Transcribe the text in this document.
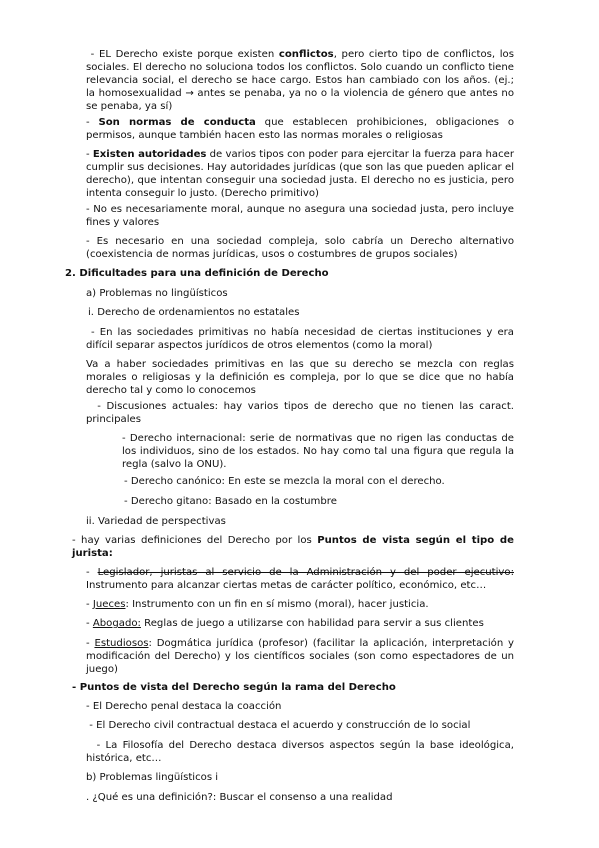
- EL Derecho existe porque existen conflictos, pero cierto tipo de conflictos, los sociales. El derecho no soluciona todos los conflictos. Solo cuando un conflicto tiene relevancia social, el derecho se hace cargo. Estos han cambiado con los años. (ej.; la homosexualidad → antes se penaba, ya no o la violencia de género que antes no se penaba, ya sí)

- Son normas de conducta que establecen prohibiciones, obligaciones o permisos, aunque también hacen esto las normas morales o religiosas

- Existen autoridades de varios tipos con poder para ejercitar la fuerza para hacer cumplir sus decisiones. Hay autoridades jurídicas (que son las que pueden aplicar el derecho), que intentan conseguir una sociedad justa. El derecho no es justicia, pero intenta conseguir lo justo. (Derecho primitivo)

- No es necesariamente moral, aunque no asegura una sociedad justa, pero incluye fines y valores

- Es necesario en una sociedad compleja, solo cabría un Derecho alternativo (coexistencia de normas jurídicas, usos o costumbres de grupos sociales)

2. Dificultades para una definición de Derecho

a) Problemas no lingüísticos

i. Derecho de ordenamientos no estatales

- En las sociedades primitivas no había necesidad de ciertas instituciones y era difícil separar aspectos jurídicos de otros elementos (como la moral)

Va a haber sociedades primitivas en las que su derecho se mezcla con reglas morales o religiosas y la definición es compleja, por lo que se dice que no había derecho tal y como lo conocemos

- Discusiones actuales: hay varios tipos de derecho que no tienen las caract. principales

- Derecho internacional: serie de normativas que no rigen las conductas de los individuos, sino de los estados. No hay como tal una figura que regula la regla (salvo la ONU).

- Derecho canónico: En este se mezcla la moral con el derecho.

- Derecho gitano: Basado en la costumbre

ii. Variedad de perspectivas

- hay varias definiciones del Derecho por los Puntos de vista según el tipo de jurista:

- Legislador, juristas al servicio de la Administración y del poder ejecutivo: Instrumento para alcanzar ciertas metas de carácter político, económico, etc…

- Jueces: Instrumento con un fin en sí mismo (moral), hacer justicia.

- Abogado: Reglas de juego a utilizarse con habilidad para servir a sus clientes

- Estudiosos: Dogmática jurídica (profesor) (facilitar la aplicación, interpretación y modificación del Derecho) y los científicos sociales (son como espectadores de un juego)

- Puntos de vista del Derecho según la rama del Derecho

- El Derecho penal destaca la coacción

- El Derecho civil contractual destaca el acuerdo y construcción de lo social

- La Filosofía del Derecho destaca diversos aspectos según la base ideológica, histórica, etc…

b) Problemas lingüísticos i

. ¿Qué es una definición?: Buscar el consenso a una realidad
